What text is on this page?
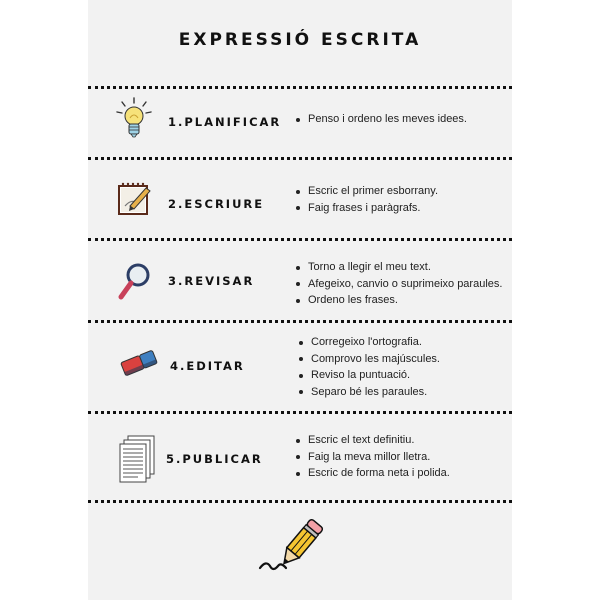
EXPRESSIÓ ESCRITA
1.PLANIFICAR	Penso i ordeno les meves idees.
2.ESCRIURE
Escric el primer esborrany.
Faig frases i paràgrafs.
3.REVISAR
Torno a llegir el meu text.
Afegeixo, canvio o suprimeixo paraules.
Ordeno les frases.
4.EDITAR
Corregeixo l'ortografia.
Comprovo les majúscules.
Reviso la puntuació.
Separo bé les paraules.
5.PUBLICAR
Escric el text definitiu.
Faig la meva millor lletra.
Escric de forma neta i polida.
